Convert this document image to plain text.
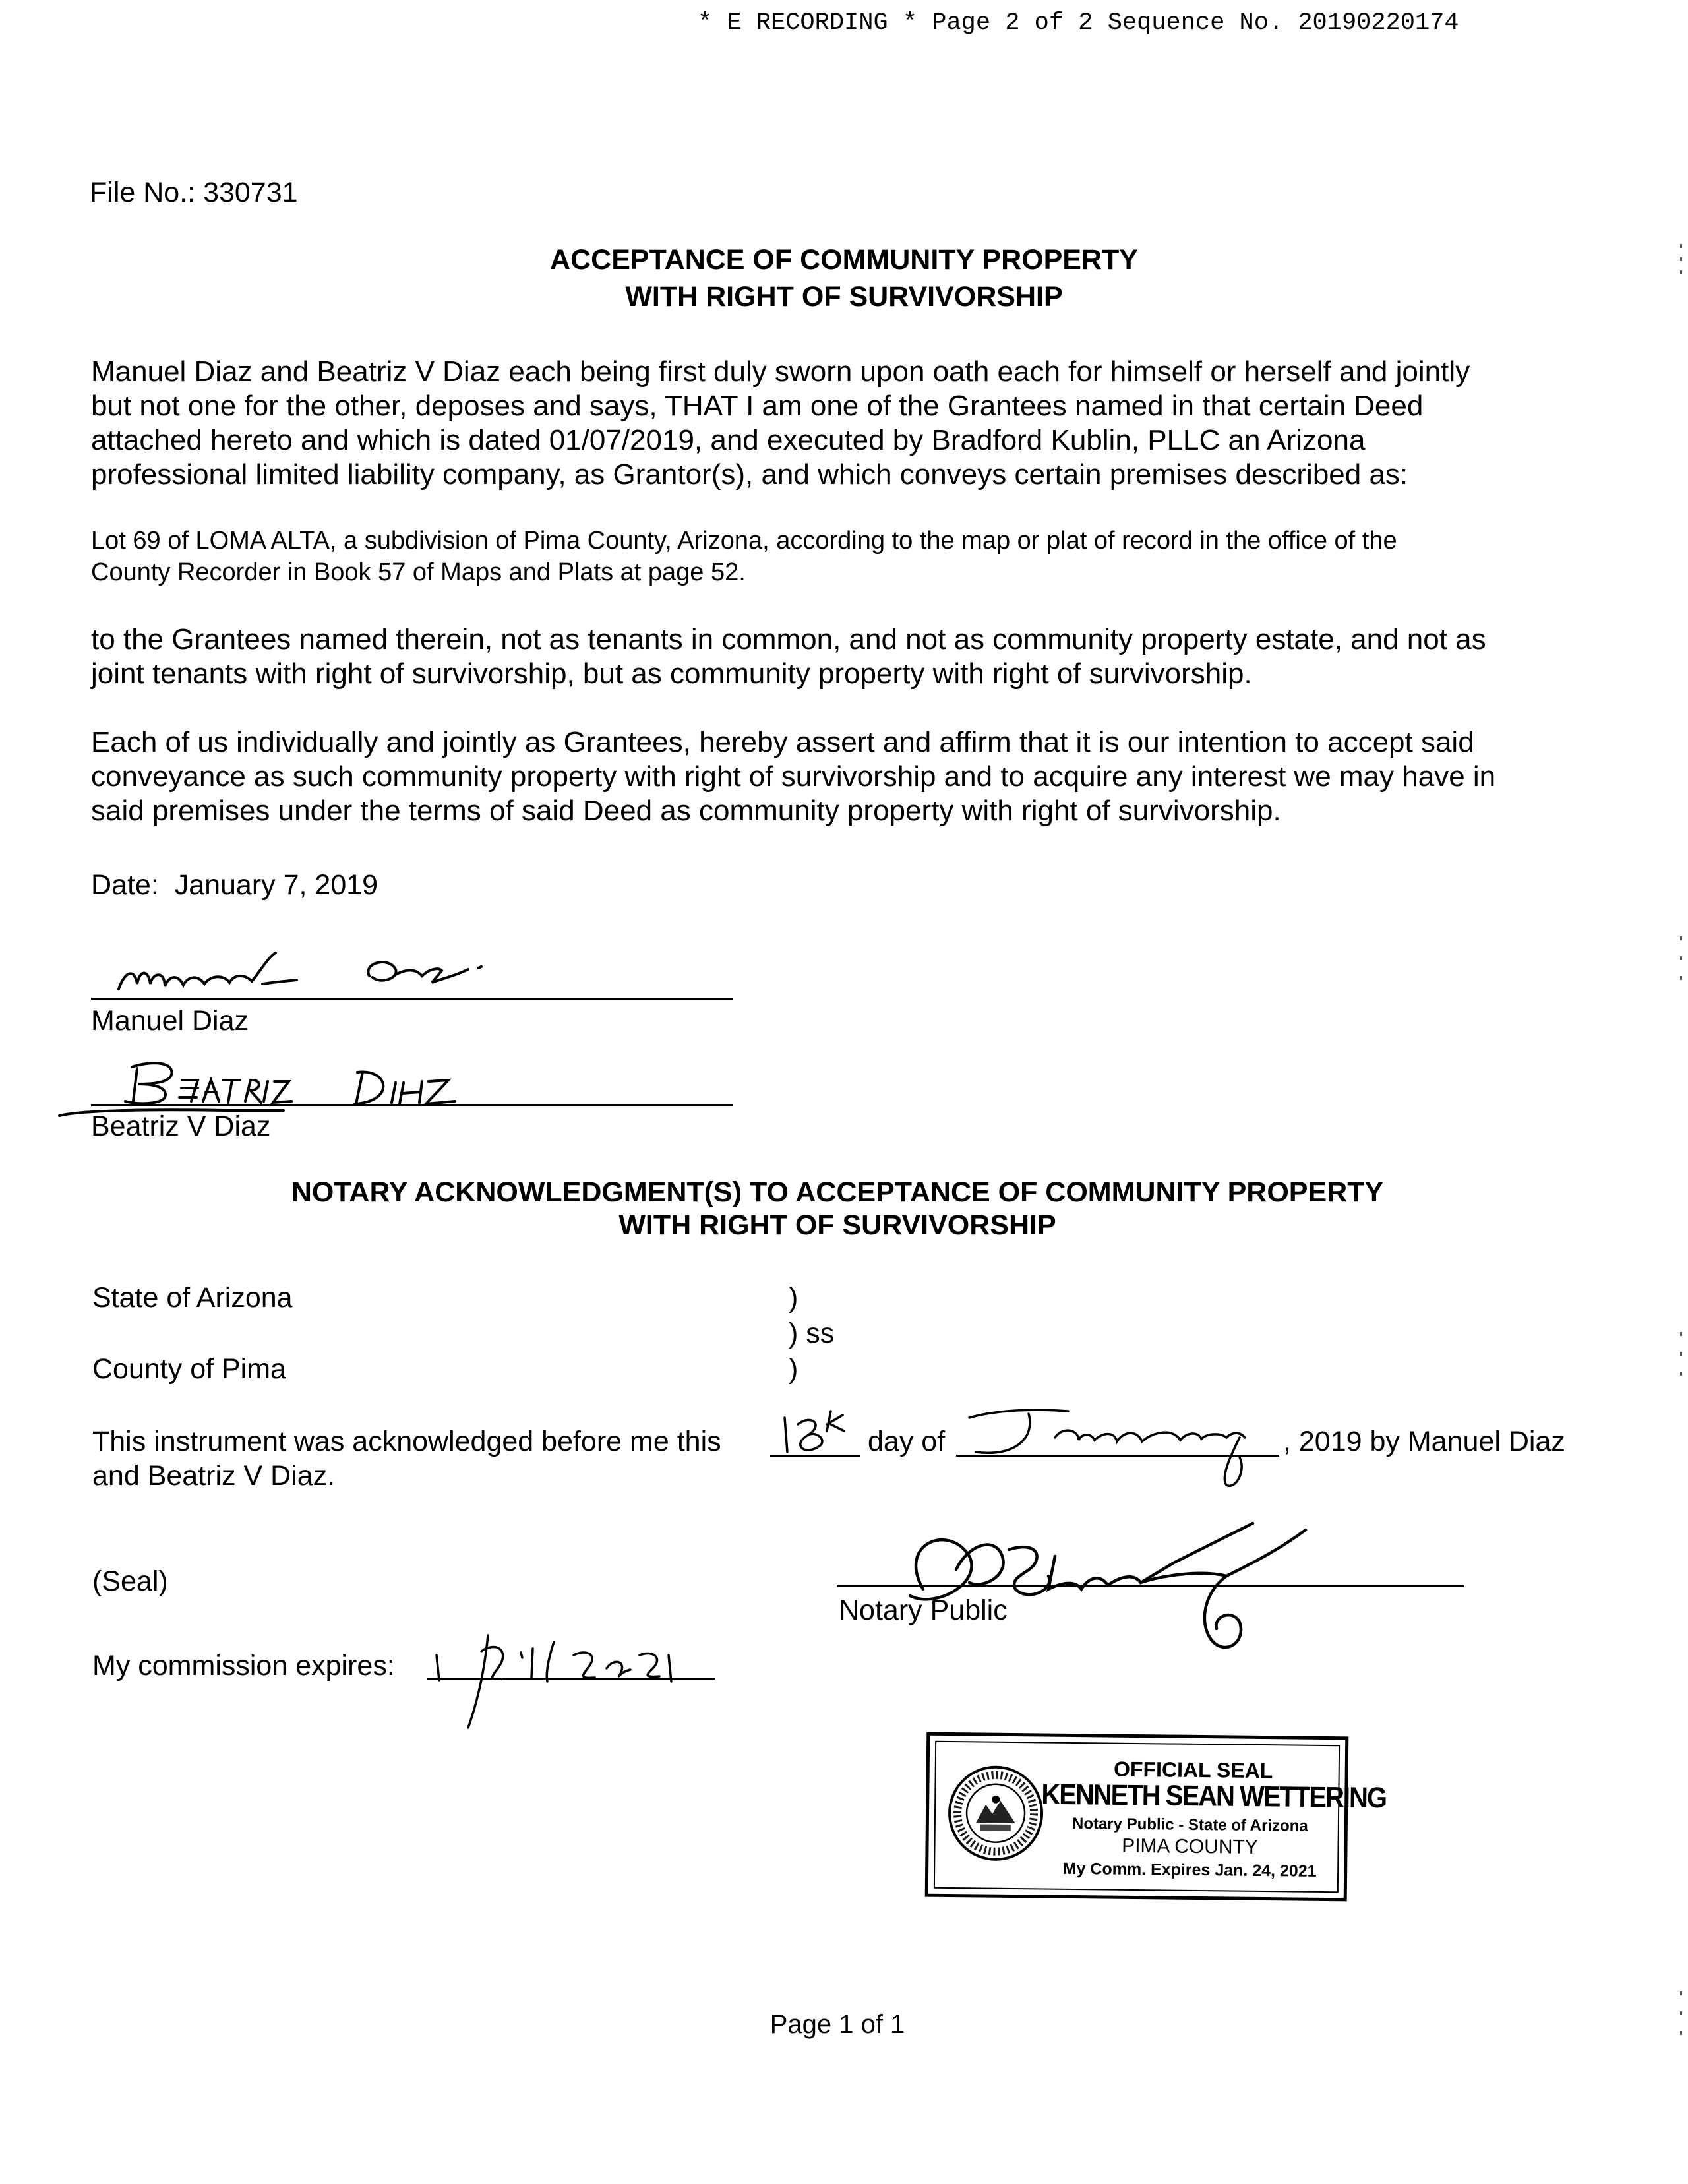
* E RECORDING * Page 2 of 2 Sequence No. 20190220174
File No.: 330731
ACCEPTANCE OF COMMUNITY PROPERTY
WITH RIGHT OF SURVIVORSHIP
Manuel Diaz and Beatriz V Diaz each being first duly sworn upon oath each for himself or herself and jointly
but not one for the other, deposes and says, THAT I am one of the Grantees named in that certain Deed
attached hereto and which is dated 01/07/2019, and executed by Bradford Kublin, PLLC an Arizona
professional limited liability company, as Grantor(s), and which conveys certain premises described as:
Lot 69 of LOMA ALTA, a subdivision of Pima County, Arizona, according to the map or plat of record in the office of the
County Recorder in Book 57 of Maps and Plats at page 52.
to the Grantees named therein, not as tenants in common, and not as community property estate, and not as
joint tenants with right of survivorship, but as community property with right of survivorship.
Each of us individually and jointly as Grantees, hereby assert and affirm that it is our intention to accept said
conveyance as such community property with right of survivorship and to acquire any interest we may have in
said premises under the terms of said Deed as community property with right of survivorship.
Date: January 7, 2019
Manuel Diaz
Beatriz V Diaz
NOTARY ACKNOWLEDGMENT(S) TO ACCEPTANCE OF COMMUNITY PROPERTY
WITH RIGHT OF SURVIVORSHIP
State of Arizona	)
) ss
County of Pima	)
This instrument was acknowledged before me this	day of	, 2019 by Manuel Diaz
and Beatriz V Diaz.
(Seal)
Notary Public
My commission expires:
OFFICIAL SEAL
KENNETH SEAN WETTERING
Notary Public - State of Arizona
PIMA COUNTY
My Comm. Expires Jan. 24, 2021
Page 1 of 1
